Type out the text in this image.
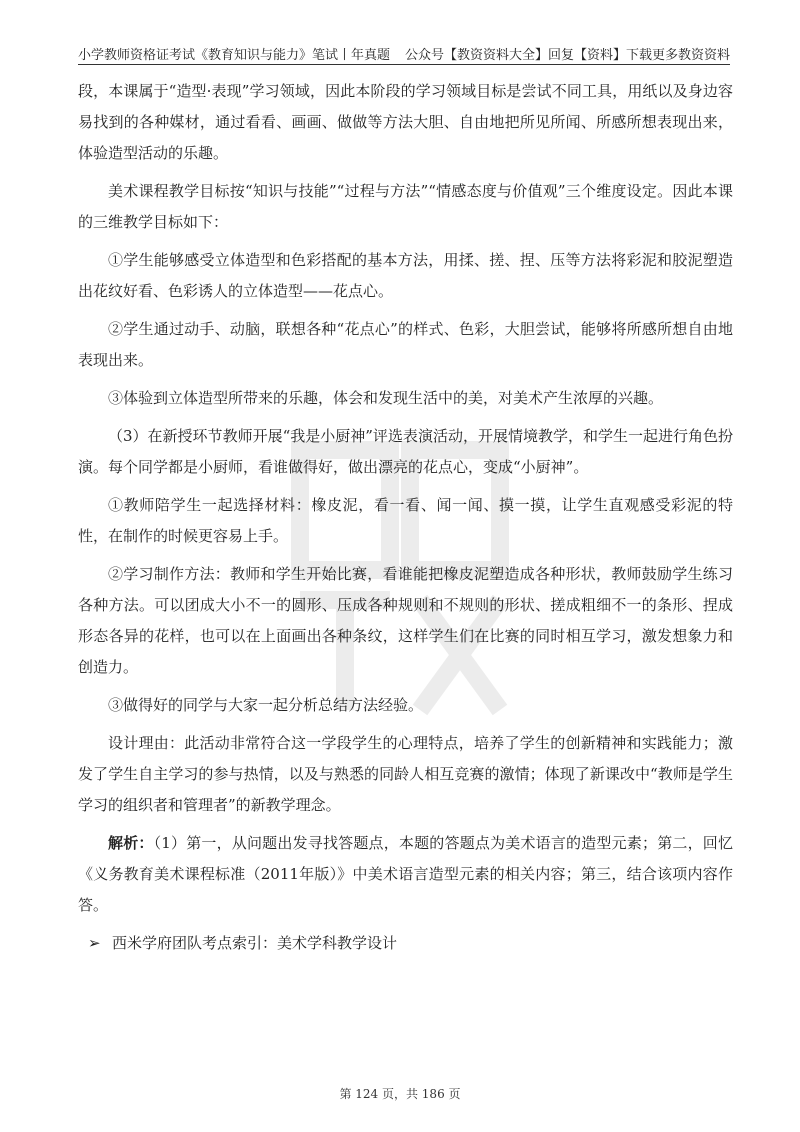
小学教师资格证考试《教育知识与能力》笔试丨年真题 公众号【教资资料大全】回复【资料】下载更多教资资料

段，本课属于“造型·表现”学习领域，因此本阶段的学习领域目标是尝试不同工具，用纸以及身边容易找到的各种媒材，通过看看、画画、做做等方法大胆、自由地把所见所闻、所感所想表现出来，体验造型活动的乐趣。

美术课程教学目标按“知识与技能”“过程与方法”“情感态度与价值观”三个维度设定。因此本课的三维教学目标如下：

①学生能够感受立体造型和色彩搭配的基本方法，用揉、搓、捏、压等方法将彩泥和胶泥塑造出花纹好看、色彩诱人的立体造型——花点心。

②学生通过动手、动脑，联想各种“花点心”的样式、色彩，大胆尝试，能够将所感所想自由地表现出来。

③体验到立体造型所带来的乐趣，体会和发现生活中的美，对美术产生浓厚的兴趣。

（3）在新授环节教师开展“我是小厨神”评选表演活动，开展情境教学，和学生一起进行角色扮演。每个同学都是小厨师，看谁做得好，做出漂亮的花点心，变成“小厨神”。

①教师陪学生一起选择材料：橡皮泥，看一看、闻一闻、摸一摸，让学生直观感受彩泥的特性，在制作的时候更容易上手。

②学习制作方法：教师和学生开始比赛，看谁能把橡皮泥塑造成各种形状，教师鼓励学生练习各种方法。可以团成大小不一的圆形、压成各种规则和不规则的形状、搓成粗细不一的条形、捏成形态各异的花样，也可以在上面画出各种条纹，这样学生们在比赛的同时相互学习，激发想象力和创造力。

③做得好的同学与大家一起分析总结方法经验。

设计理由：此活动非常符合这一学段学生的心理特点，培养了学生的创新精神和实践能力；激发了学生自主学习的参与热情，以及与熟悉的同龄人相互竞赛的激情；体现了新课改中“教师是学生学习的组织者和管理者”的新教学理念。

解析：（1）第一，从问题出发寻找答题点，本题的答题点为美术语言的造型元素；第二，回忆《义务教育美术课程标准（2011年版）》中美术语言造型元素的相关内容；第三，结合该项内容作答。

➢ 西米学府团队考点索引：美术学科教学设计
第 124 页，共 186 页
